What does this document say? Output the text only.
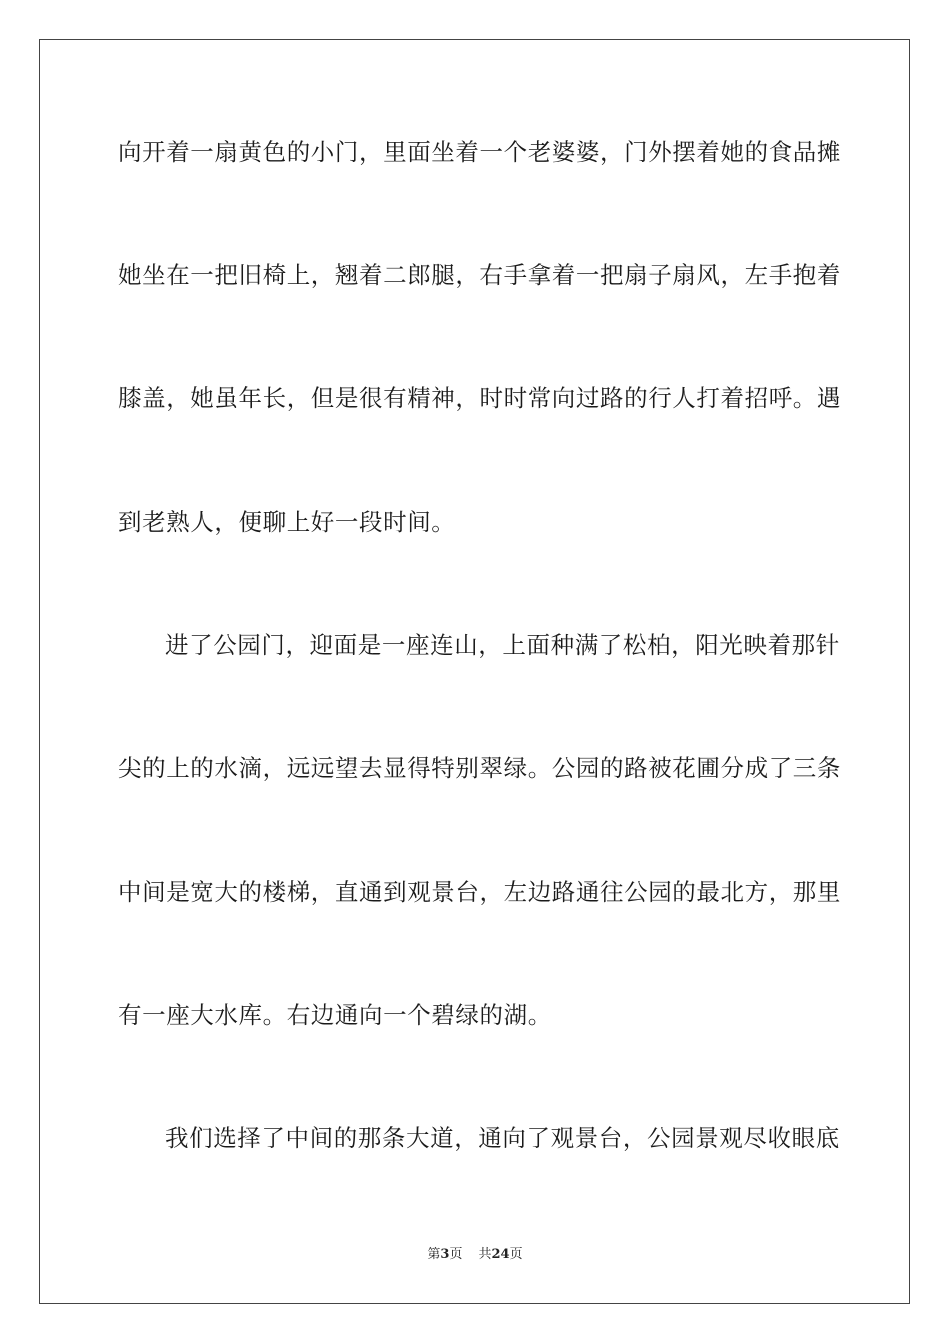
向开着一扇黄色的小门，里面坐着一个老婆婆，门外摆着她的食品摊
她坐在一把旧椅上，翘着二郎腿，右手拿着一把扇子扇风，左手抱着
膝盖，她虽年长，但是很有精神，时时常向过路的行人打着招呼。遇
到老熟人，便聊上好一段时间。
进了公园门，迎面是一座连山，上面种满了松柏，阳光映着那针
尖的上的水滴，远远望去显得特别翠绿。公园的路被花圃分成了三条
中间是宽大的楼梯，直通到观景台，左边路通往公园的最北方，那里
有一座大水库。右边通向一个碧绿的湖。
我们选择了中间的那条大道，通向了观景台，公园景观尽收眼底
第3页 共24页
